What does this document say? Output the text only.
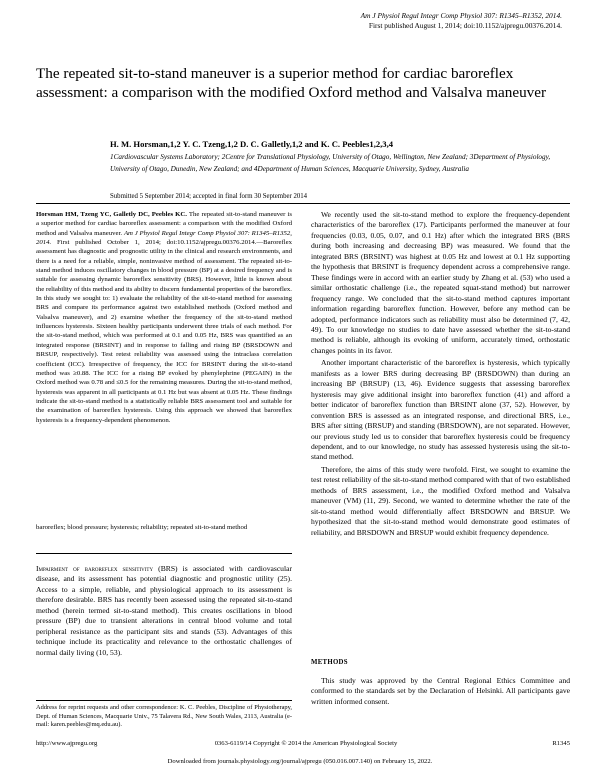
Am J Physiol Regul Integr Comp Physiol 307: R1345–R1352, 2014.
First published August 1, 2014; doi:10.1152/ajpregu.00376.2014.
The repeated sit-to-stand maneuver is a superior method for cardiac baroreflex assessment: a comparison with the modified Oxford method and Valsalva maneuver
H. M. Horsman,1,2 Y. C. Tzeng,1,2 D. C. Galletly,1,2 and K. C. Peebles1,2,3,4
1Cardiovascular Systems Laboratory; 2Centre for Translational Physiology, University of Otago, Wellington, New Zealand; 3Department of Physiology, University of Otago, Dunedin, New Zealand; and 4Department of Human Sciences, Macquarie University, Sydney, Australia
Submitted 5 September 2014; accepted in final form 30 September 2014

Horsman HM, Tzeng YC, Galletly DC, Peebles KC. The repeated sit-to-stand maneuver is a superior method for cardiac baroreflex assessment: a comparison with the modified Oxford method and Valsalva maneuver. Am J Physiol Regul Integr Comp Physiol 307: R1345–R1352, 2014. First published October 1, 2014; doi:10.1152/ajpregu.00376.2014.—Baroreflex assessment has diagnostic and prognostic utility in the clinical and research environments, and there is a need for a reliable, simple, noninvasive method of assessment. The repeated sit-to-stand method induces oscillatory changes in blood pressure (BP) at a desired frequency and is suitable for assessing dynamic baroreflex sensitivity (BRS). However, little is known about the reliability of this method and its ability to discern fundamental properties of the baroreflex. In this study we sought to: 1) evaluate the reliability of the sit-to-stand method for assessing BRS and compare its performance against two established methods (Oxford method and Valsalva maneuver), and 2) examine whether the frequency of the sit-to-stand method influences hysteresis. Sixteen healthy participants underwent three trials of each method. For the sit-to-stand method, which was performed at 0.1 and 0.05 Hz, BRS was quantified as an integrated response (BRSINT) and in response to falling and rising BP (BRSDOWN and BRSUP, respectively). Test retest reliability was assessed using the intraclass correlation coefficient (ICC). Irrespective of frequency, the ICC for BRSINT during the sit-to-stand method was ≥0.88. The ICC for a rising BP evoked by phenylephrine (PEGAIN) in the Oxford method was 0.78 and ≤0.5 for the remaining measures. During the sit-to-stand method, hysteresis was apparent in all participants at 0.1 Hz but was absent at 0.05 Hz. These findings indicate the sit-to-stand method is a statistically reliable BRS assessment tool and suitable for the examination of baroreflex hysteresis. Using this approach we showed that baroreflex hysteresis is a frequency-dependent phenomenon.

baroreflex; blood pressure; hysteresis; reliability; repeated sit-to-stand method

Impairment of baroreflex sensitivity (BRS) is associated with cardiovascular disease, and its assessment has potential diagnostic and prognostic utility (25). Access to a simple, reliable, and physiological approach to its assessment is therefore desirable. BRS has recently been assessed using the repeated sit-to-stand method (herein termed sit-to-stand method). This creates oscillations in blood pressure (BP) due to transient alterations in central blood volume and total peripheral resistance as the participant sits and stands (53). Advantages of this technique include its practicality and relevance to the orthostatic challenges of normal daily living (10, 53).

We recently used the sit-to-stand method to explore the frequency-dependent characteristics of the baroreflex (17). Participants performed the maneuver at four frequencies (0.03, 0.05, 0.07, and 0.1 Hz) after which the integrated BRS (BRS during both increasing and decreasing BP) was measured. We found that the integrated BRS (BRSINT) was highest at 0.05 Hz and lowest at 0.1 Hz supporting the hypothesis that BRSINT is frequency dependent across a comprehensive range. These findings were in accord with an earlier study by Zhang et al. (53) who used a similar orthostatic challenge (i.e., the repeated squat-stand method) but narrower frequency range. We concluded that the sit-to-stand method captures important information regarding baroreflex function. However, before any method can be adopted, performance indicators such as reliability must also be determined (7, 42, 49). To our knowledge no studies to date have assessed whether the sit-to-stand method is reliable, although its evoking of uniform, accurately timed, orthostatic changes points in its favor.

Another important characteristic of the baroreflex is hysteresis, which typically manifests as a lower BRS during decreasing BP (BRSDOWN) than during an increasing BP (BRSUP) (13, 46). Evidence suggests that assessing baroreflex hysteresis may give additional insight into baroreflex function (41) and afford a better indicator of baroreflex function than BRSINT alone (37, 52). However, by convention BRS is assessed as an integrated response, and directional BRS, i.e., BRS after sitting (BRSUP) and standing (BRSDOWN), are not separated. However, our previous study led us to consider that baroreflex hysteresis could be frequency dependent, and to our knowledge, no study has assessed hysteresis using the sit-to-stand method.

Therefore, the aims of this study were twofold. First, we sought to examine the test retest reliability of the sit-to-stand method compared with that of two established methods of BRS assessment, i.e., the modified Oxford method and Valsalva maneuver (VM) (11, 29). Second, we wanted to determine whether the rate of the sit-to-stand method would differentially affect BRSDOWN and BRSUP. We hypothesized that the sit-to-stand method would demonstrate good estimates of reliability, and BRSDOWN and BRSUP would exhibit frequency dependence.

METHODS

This study was approved by the Central Regional Ethics Committee and conformed to the standards set by the Declaration of Helsinki. All participants gave written informed consent.

Address for reprint requests and other correspondence: K. C. Peebles, Discipline of Physiotherapy, Dept. of Human Sciences, Macquarie Univ., 75 Talavera Rd., New South Wales, 2113, Australia (e-mail: karen.peebles@mq.edu.au).
http://www.ajpregu.org	0363-6119/14 Copyright © 2014 the American Physiological Society	R1345
Downloaded from journals.physiology.org/journal/ajpregu (050.016.007.140) on February 15, 2022.
